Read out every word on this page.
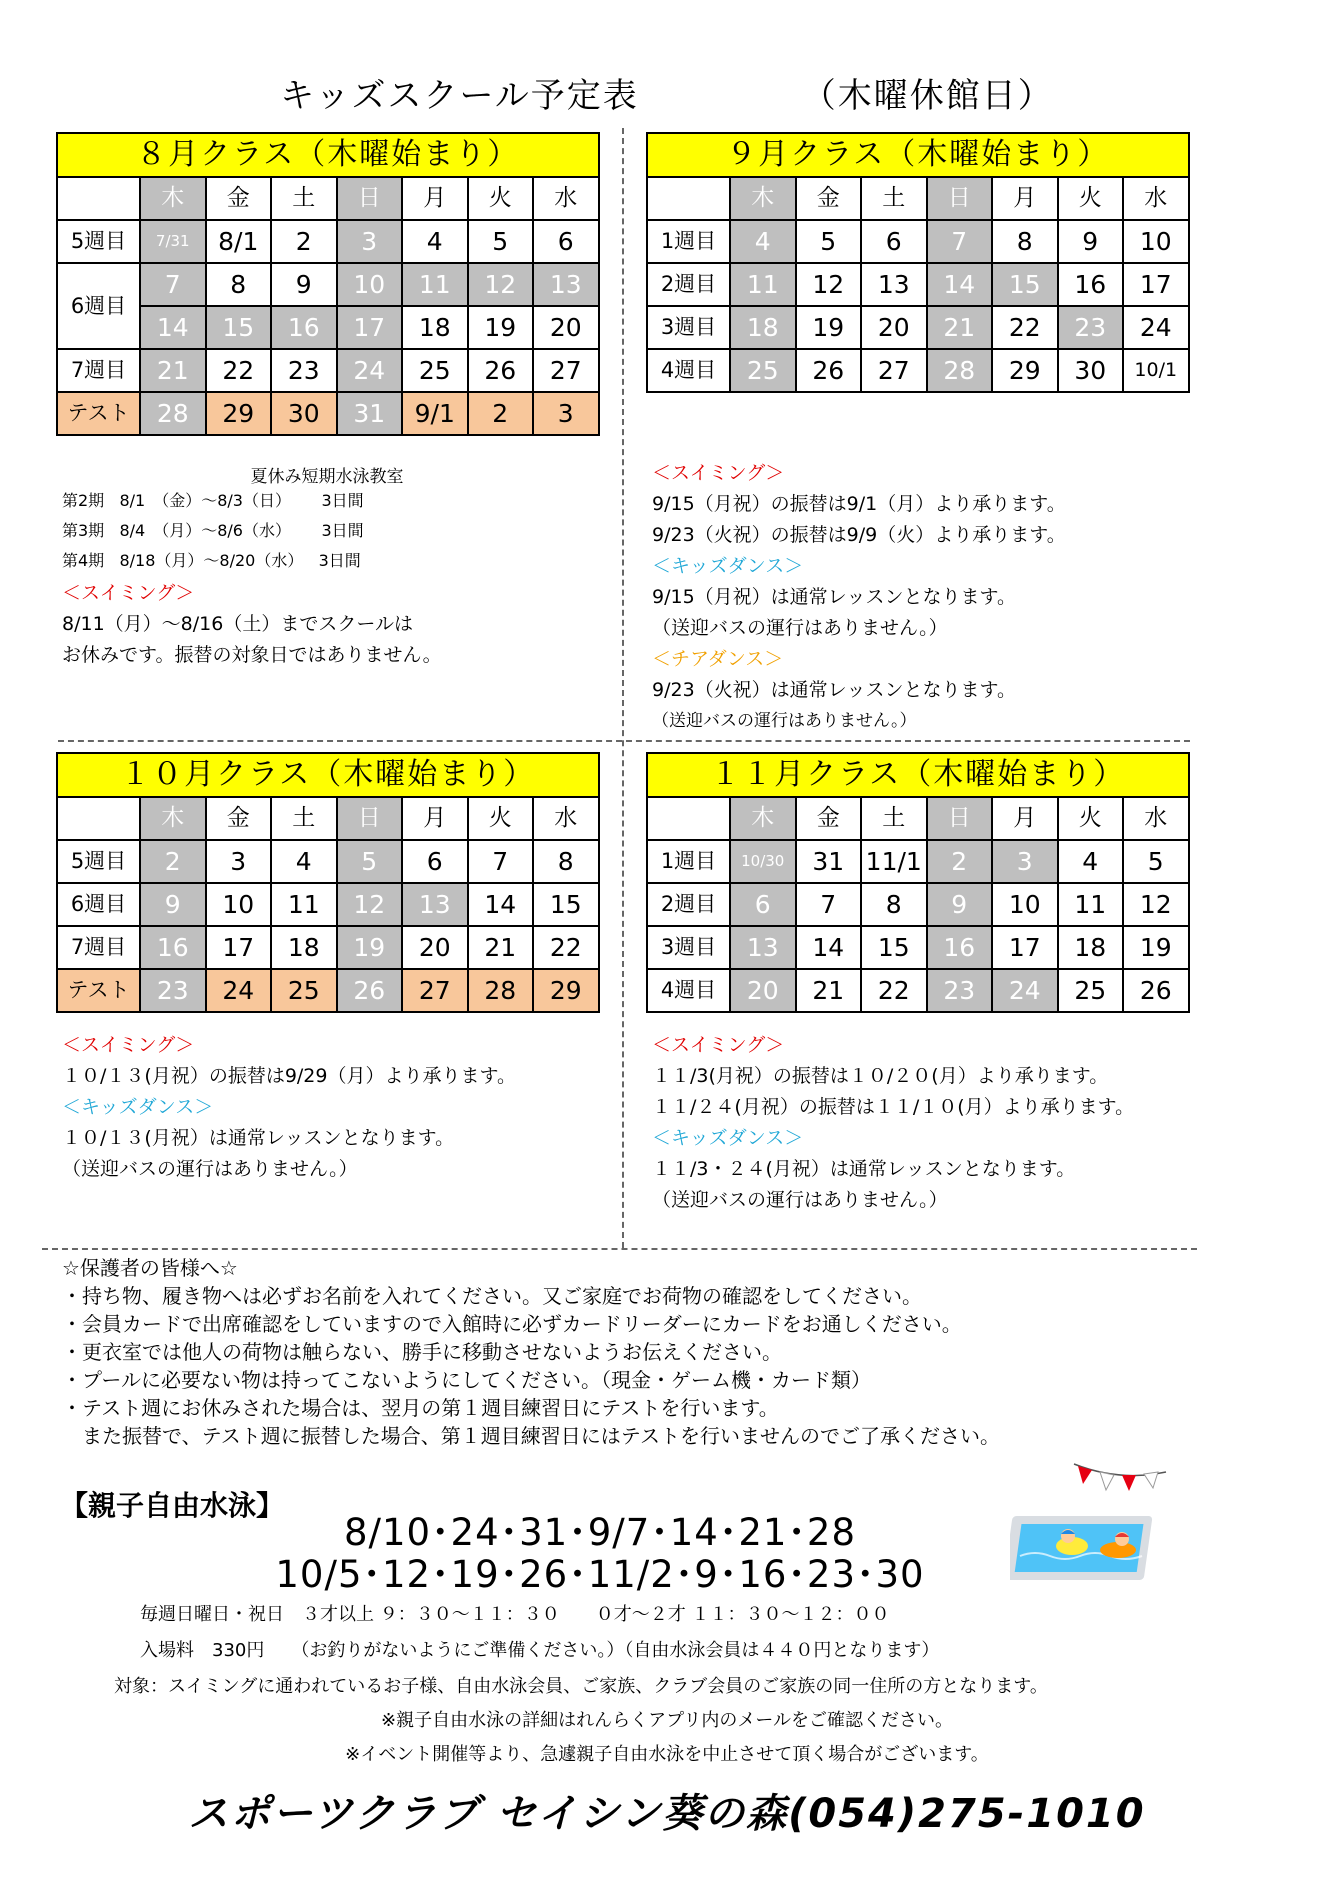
キッズスクール予定表　　　　　（木曜休館日）
８月クラス（木曜始まり）
	木	金	土	日	月	火	水
5週目	7/31	8/1	2	3	4	5	6
6週目	7	8	9	10	11	12	13
	14	15	16	17	18	19	20
7週目	21	22	23	24	25	26	27
テスト	28	29	30	31	9/1	2	3
９月クラス（木曜始まり）
	木	金	土	日	月	火	水
1週目	4	5	6	7	8	9	10
2週目	11	12	13	14	15	16	17
3週目	18	19	20	21	22	23	24
4週目	25	26	27	28	29	30	10/1
夏休み短期水泳教室
第2期 8/1　（金）～8/3（日） 3日間
第3期 8/4　（月）～8/6（水） 3日間
第4期 8/18（月）～8/20（水） 3日間
＜スイミング＞
8/11（月）～8/16（土）までスクールは
お休みです。振替の対象日ではありません。
＜スイミング＞
9/15（月祝）の振替は9/1（月）より承ります。
9/23（火祝）の振替は9/9（火）より承ります。
＜キッズダンス＞
9/15（月祝）は通常レッスンとなります。
（送迎バスの運行はありません。）
＜チアダンス＞
9/23（火祝）は通常レッスンとなります。
（送迎バスの運行はありません。）
１０月クラス（木曜始まり）
	木	金	土	日	月	火	水
5週目	2	3	4	5	6	7	8
6週目	9	10	11	12	13	14	15
7週目	16	17	18	19	20	21	22
テスト	23	24	25	26	27	28	29
１１月クラス（木曜始まり）
	木	金	土	日	月	火	水
1週目	10/30	31	11/1	2	3	4	5
2週目	6	7	8	9	10	11	12
3週目	13	14	15	16	17	18	19
4週目	20	21	22	23	24	25	26
＜スイミング＞
１０/１３(月祝）の振替は9/29（月）より承ります。
＜キッズダンス＞
１０/１３(月祝）は通常レッスンとなります。
（送迎バスの運行はありません。）
＜スイミング＞
１１/3(月祝）の振替は１０/２０(月）より承ります。
１１/２４(月祝）の振替は１１/１０(月）より承ります。
＜キッズダンス＞
１１/3・２４(月祝）は通常レッスンとなります。
（送迎バスの運行はありません。）
☆保護者の皆様へ☆
・持ち物、履き物へは必ずお名前を入れてください。又ご家庭でお荷物の確認をしてください。
・会員カードで出席確認をしていますので入館時に必ずカードリーダーにカードをお通しください。
・更衣室では他人の荷物は触らない、勝手に移動させないようお伝えください。
・プールに必要ない物は持ってこないようにしてください。（現金・ゲーム機・カード類）
・テスト週にお休みされた場合は、翌月の第１週目練習日にテストを行います。
　また振替で、テスト週に振替した場合、第１週目練習日にはテストを行いませんのでご了承ください。
【親子自由水泳】
8/10･24･31･9/7･14･21･28
10/5･12･19･26･11/2･9･16･23･30
毎週日曜日・祝日　３才以上 ９：３０～１１：３０　　０才～２才 １１：３０～１２：００
入場料　330円　　（お釣りがないようにご準備ください。）（自由水泳会員は４４０円となります）
対象：スイミングに通われているお子様、自由水泳会員、ご家族、クラブ会員のご家族の同一住所の方となります。
※親子自由水泳の詳細はれんらくアプリ内のメールをご確認ください。
※イベント開催等より、急遽親子自由水泳を中止させて頂く場合がございます。
スポーツクラブ セイシン葵の森(054)275-1010
